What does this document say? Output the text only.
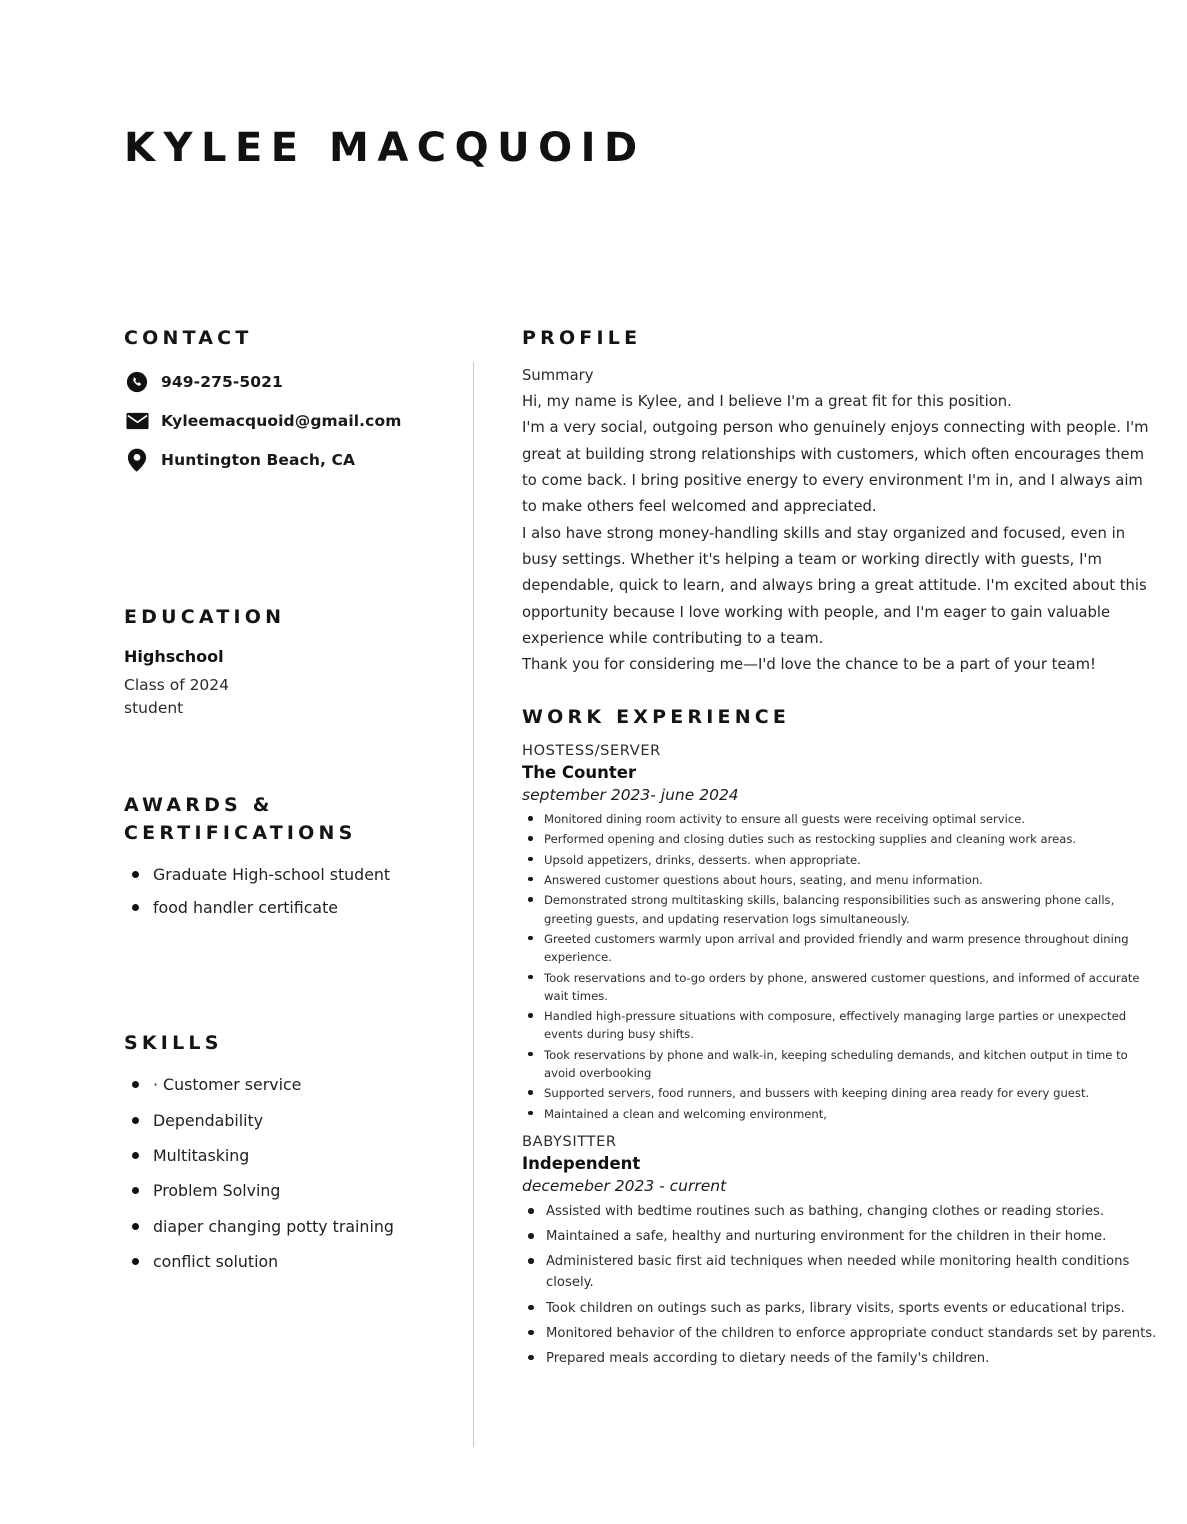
KYLEE MACQUOID
CONTACT
949-275-5021
Kyleemacquoid@gmail.com
Huntington Beach, CA
EDUCATION
Highschool
Class of 2024
student
AWARDS & CERTIFICATIONS
Graduate High-school student
food handler certificate
SKILLS
· Customer service
Dependability
Multitasking
Problem Solving
diaper changing potty training
conflict solution
PROFILE
Summary

Hi, my name is Kylee, and I believe I'm a great fit for this position.

I'm a very social, outgoing person who genuinely enjoys connecting with people. I'm great at building strong relationships with customers, which often encourages them to come back. I bring positive energy to every environment I'm in, and I always aim to make others feel welcomed and appreciated.

I also have strong money-handling skills and stay organized and focused, even in busy settings. Whether it's helping a team or working directly with guests, I'm dependable, quick to learn, and always bring a great attitude. I'm excited about this opportunity because I love working with people, and I'm eager to gain valuable experience while contributing to a team.

Thank you for considering me—I'd love the chance to be a part of your team!

WORK EXPERIENCE
HOSTESS/SERVER
The Counter
september 2023- june 2024
Monitored dining room activity to ensure all guests were receiving optimal service.
Performed opening and closing duties such as restocking supplies and cleaning work areas.
Upsold appetizers, drinks, desserts. when appropriate.
Answered customer questions about hours, seating, and menu information.
Demonstrated strong multitasking skills, balancing responsibilities such as answering phone calls, greeting guests, and updating reservation logs simultaneously.
Greeted customers warmly upon arrival and provided friendly and warm presence throughout dining experience.
Took reservations and to-go orders by phone, answered customer questions, and informed of accurate wait times.
Handled high-pressure situations with composure, effectively managing large parties or unexpected events during busy shifts.
Took reservations by phone and walk-in, keeping scheduling demands, and kitchen output in time to avoid overbooking
Supported servers, food runners, and bussers with keeping dining area ready for every guest.
Maintained a clean and welcoming environment,
BABYSITTER
Independent
decemeber 2023 - current
Assisted with bedtime routines such as bathing, changing clothes or reading stories.
Maintained a safe, healthy and nurturing environment for the children in their home.
Administered basic first aid techniques when needed while monitoring health conditions closely.
Took children on outings such as parks, library visits, sports events or educational trips.
Monitored behavior of the children to enforce appropriate conduct standards set by parents.
Prepared meals according to dietary needs of the family's children.
